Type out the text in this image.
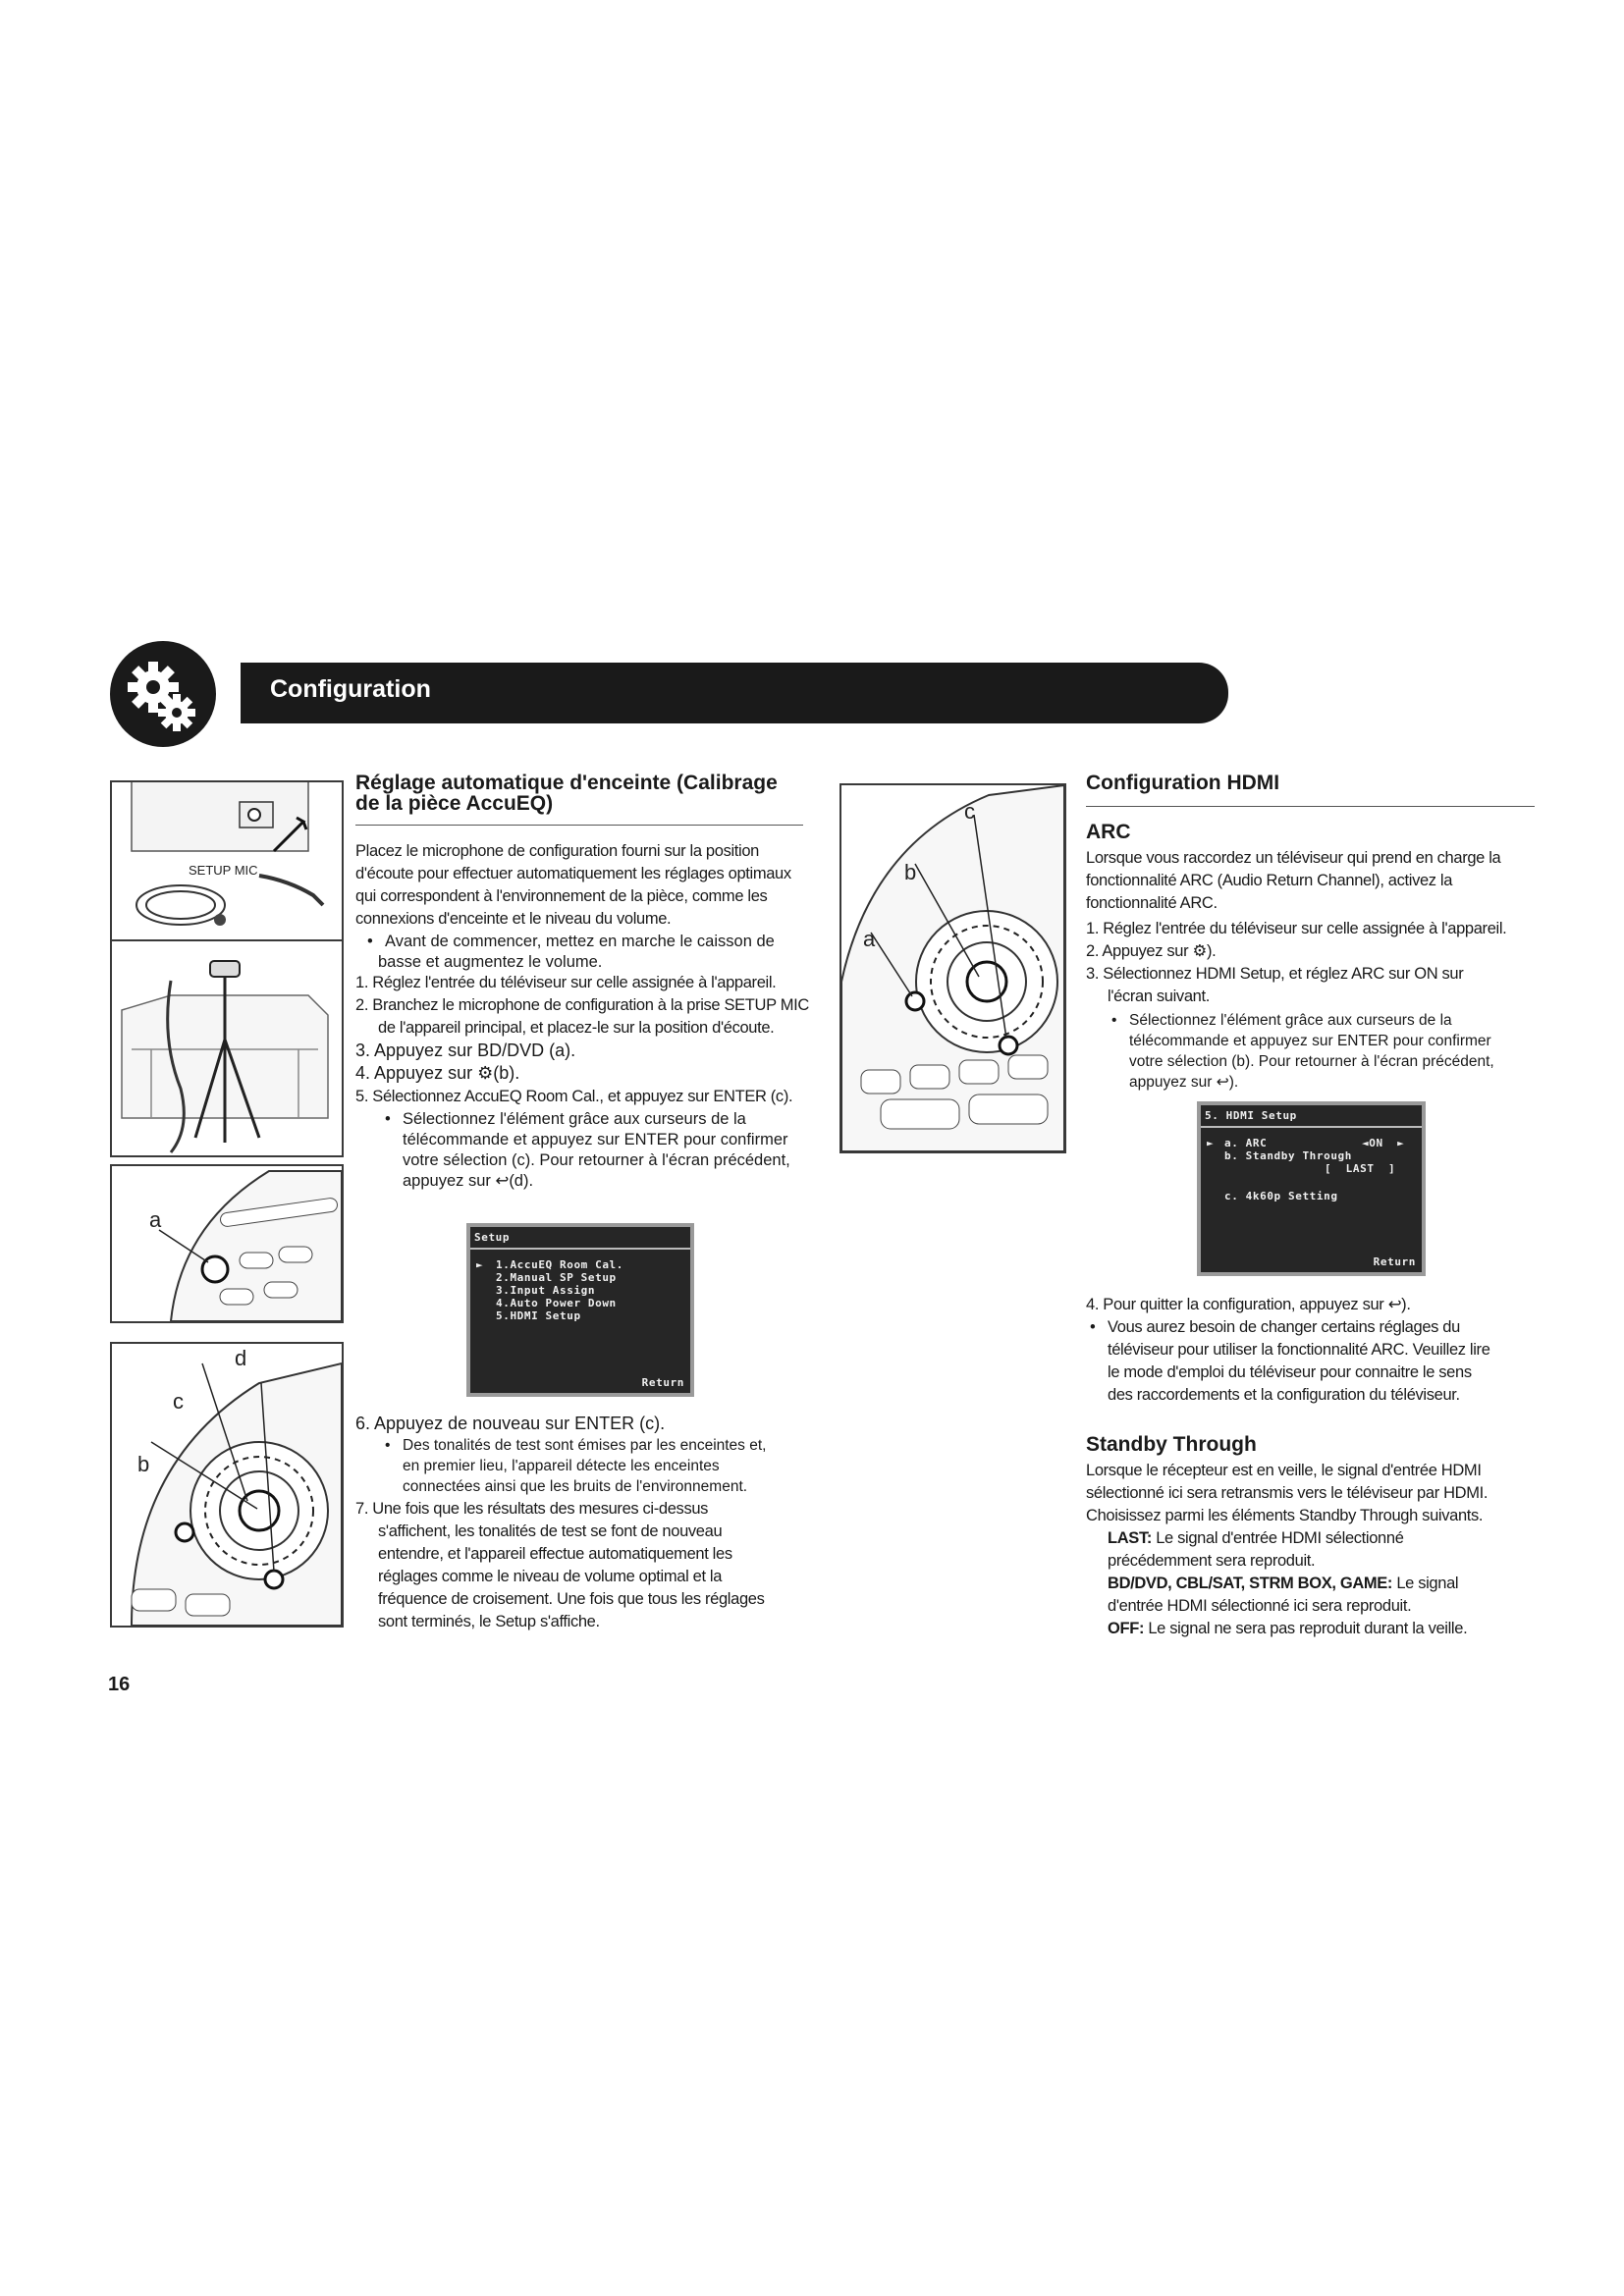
Configuration
SETUP MIC
a
d
c
b
Réglage automatique d'enceinte (Calibrage
de la pièce AccuEQ)
Placez le microphone de configuration fourni sur la position
d'écoute pour effectuer automatiquement les réglages optimaux
qui correspondent à l'environnement de la pièce, comme les
connexions d'enceinte et le niveau du volume.
• Avant de commencer, mettez en marche le caisson de
basse et augmentez le volume.
1. Réglez l'entrée du téléviseur sur celle assignée à l'appareil.
2. Branchez le microphone de configuration à la prise SETUP MIC
de l'appareil principal, et placez-le sur la position d'écoute.
3. Appuyez sur BD/DVD (a).
4. Appuyez sur ⚙(b).
5. Sélectionnez AccuEQ Room Cal., et appuyez sur ENTER (c).
• Sélectionnez l'élément grâce aux curseurs de la
télécommande et appuyez sur ENTER pour confirmer
votre sélection (c). Pour retourner à l'écran précédent,
appuyez sur ↩(d).
Setup
► 1.AccuEQ Room Cal.
2.Manual SP Setup
3.Input Assign
4.Auto Power Down
5.HDMI Setup
Return
6. Appuyez de nouveau sur ENTER (c).
• Des tonalités de test sont émises par les enceintes et,
en premier lieu, l'appareil détecte les enceintes
connectées ainsi que les bruits de l'environnement.
7. Une fois que les résultats des mesures ci-dessus
s'affichent, les tonalités de test se font de nouveau
entendre, et l'appareil effectue automatiquement les
réglages comme le niveau de volume optimal et la
fréquence de croisement. Une fois que tous les réglages
sont terminés, le Setup s'affiche.
c
b
a
Configuration HDMI
ARC
Lorsque vous raccordez un téléviseur qui prend en charge la
fonctionnalité ARC (Audio Return Channel), activez la
fonctionnalité ARC.
1. Réglez l'entrée du téléviseur sur celle assignée à l'appareil.
2. Appuyez sur ⚙).
3. Sélectionnez HDMI Setup, et réglez ARC sur ON sur
l'écran suivant.
• Sélectionnez l'élément grâce aux curseurs de la
télécommande et appuyez sur ENTER pour confirmer
votre sélection (b). Pour retourner à l'écran précédent,
appuyez sur ↩).
5. HDMI Setup
► a. ARC	◄ON  ►
b. Standby Through
[  LAST  ]
c. 4k60p Setting
Return
4. Pour quitter la configuration, appuyez sur ↩).
• Vous aurez besoin de changer certains réglages du
téléviseur pour utiliser la fonctionnalité ARC. Veuillez lire
le mode d'emploi du téléviseur pour connaitre le sens
des raccordements et la configuration du téléviseur.
Standby Through
Lorsque le récepteur est en veille, le signal d'entrée HDMI
sélectionné ici sera retransmis vers le téléviseur par HDMI.
Choisissez parmi les éléments Standby Through suivants.
LAST: Le signal d'entrée HDMI sélectionné
précédemment sera reproduit.
BD/DVD, CBL/SAT, STRM BOX, GAME: Le signal
d'entrée HDMI sélectionné ici sera reproduit.
OFF: Le signal ne sera pas reproduit durant la veille.
16
